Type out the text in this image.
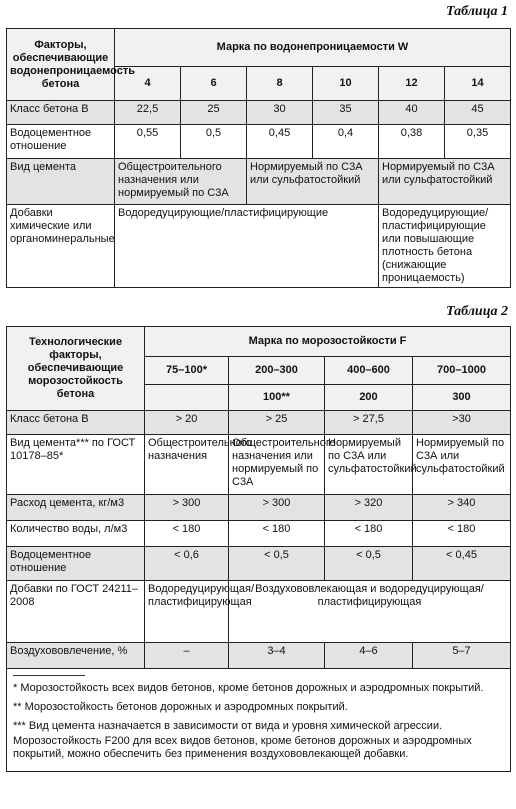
Таблица 1
Факторы, обеспечивающие водонепроницаемость бетона	Марка по водонепроницаемости W					
	4	6	8	10	12	14
Класс бетона В	22,5	25	30	35	40	45
Водоцементное отношение	0,55	0,5	0,45	0,4	0,38	0,35
Вид цемента	Общестроительного назначения или нормируемый по С3А		Нормируемый по С3А или сульфатостойкий		Нормируемый по С3А или сульфатостойкий	
Добавки химические или органоминеральные	Водоредуцирующие/пластифицирующие				Водоредуцирующие/пластифицирующие или повышающие плотность бетона (снижающие проницаемость)	
Таблица 2
Технологические факторы, обеспечивающие морозостойкость бетона	Марка по морозостойкости F			
	75–100*	200–300	400–600	700–1000
		100**	200	300
Класс бетона В	> 20	> 25	> 27,5	>30
Вид цемента*** по ГОСТ 10178–85*	Общестроительного назначения	Общестроительного назначения или нормируемый по С3А	Нормируемый по С3А или сульфатостойкий	Нормируемый по С3А или сульфатостойкий
Расход цемента, кг/м3	> 300	> 300	> 320	> 340
Количество воды, л/м3	< 180	< 180	< 180	< 180
Водоцементное отношение	< 0,6	< 0,5	< 0,5	< 0,45
Добавки по ГОСТ 24211–2008	Водоредуцирующая/пластифицирующая	Воздухововлекающая и водоредуцирующая/пластифицирующая		
Воздухововлечение, %	–	3–4	4–6	5–7

* Морозостойкость всех видов бетонов, кроме бетонов дорожных и аэродромных покрытий.
** Морозостойкость бетонов дорожных и аэродромных покрытий.
*** Вид цемента назначается в зависимости от вида и уровня химической агрессии.
Морозостойкость F200 для всех видов бетонов, кроме бетонов дорожных и аэродромных покрытий, можно обеспечить без применения воздухововлекающей добавки.				
